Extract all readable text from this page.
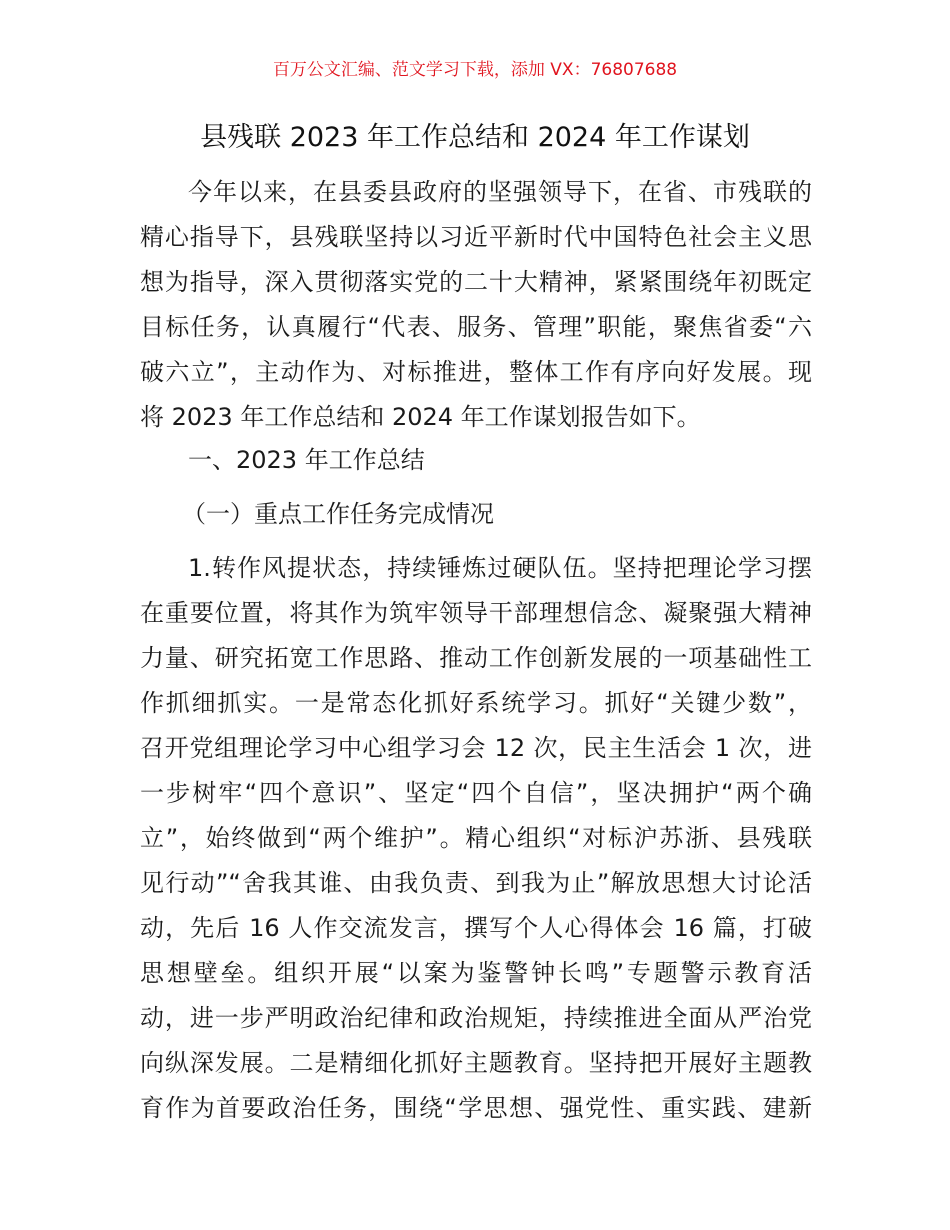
百万公文汇编、范文学习下载，添加 VX：76807688
县残联 2023 年工作总结和 2024 年工作谋划
今年以来，在县委县政府的坚强领导下，在省、市残联的
精心指导下，县残联坚持以习近平新时代中国特色社会主义思
想为指导，深入贯彻落实党的二十大精神，紧紧围绕年初既定
目标任务，认真履行“代表、服务、管理”职能，聚焦省委“六
破六立”，主动作为、对标推进，整体工作有序向好发展。现
将 2023 年工作总结和 2024 年工作谋划报告如下。
一、2023 年工作总结
（一）重点工作任务完成情况
1.转作风提状态，持续锤炼过硬队伍。坚持把理论学习摆
在重要位置，将其作为筑牢领导干部理想信念、凝聚强大精神
力量、研究拓宽工作思路、推动工作创新发展的一项基础性工
作抓细抓实。一是常态化抓好系统学习。抓好“关键少数”，
召开党组理论学习中心组学习会 12 次，民主生活会 1 次，进
一步树牢“四个意识”、坚定“四个自信”，坚决拥护“两个确
立”，始终做到“两个维护”。精心组织“对标沪苏浙、县残联
见行动”“舍我其谁、由我负责、到我为止”解放思想大讨论活
动，先后 16 人作交流发言，撰写个人心得体会 16 篇，打破
思想壁垒。组织开展“以案为鉴警钟长鸣”专题警示教育活
动，进一步严明政治纪律和政治规矩，持续推进全面从严治党
向纵深发展。二是精细化抓好主题教育。坚持把开展好主题教
育作为首要政治任务，围绕“学思想、强党性、重实践、建新
